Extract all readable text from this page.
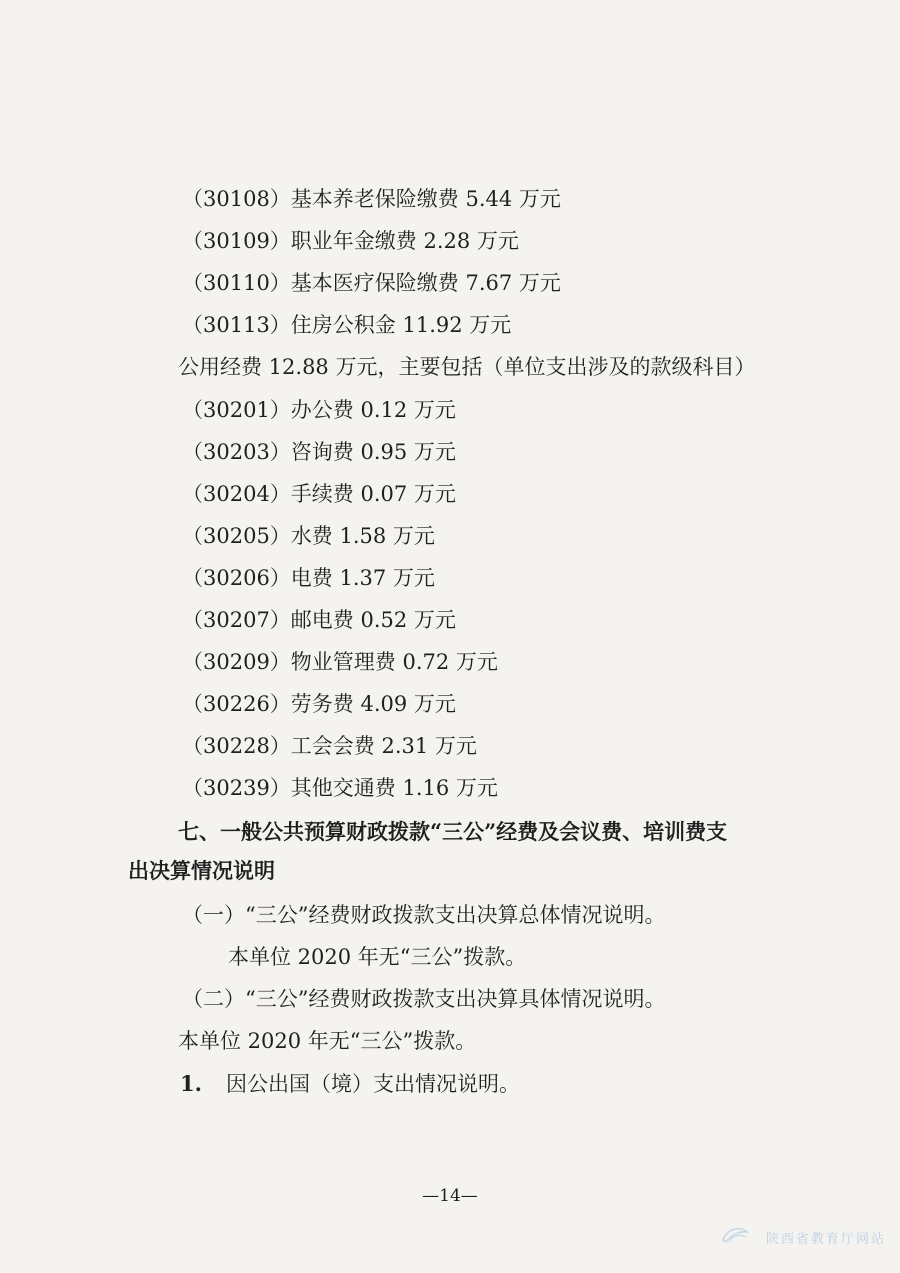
（30108）基本养老保险缴费 5.44 万元
（30109）职业年金缴费 2.28 万元
（30110）基本医疗保险缴费 7.67 万元
（30113）住房公积金 11.92 万元
公用经费 12.88 万元，主要包括（单位支出涉及的款级科目）
（30201）办公费 0.12 万元
（30203）咨询费 0.95 万元
（30204）手续费 0.07 万元
（30205）水费 1.58 万元
（30206）电费 1.37 万元
（30207）邮电费 0.52 万元
（30209）物业管理费 0.72 万元
（30226）劳务费 4.09 万元
（30228）工会会费 2.31 万元
（30239）其他交通费 1.16 万元
七、一般公共预算财政拨款“三公”经费及会议费、培训费支
出决算情况说明
（一）“三公”经费财政拨款支出决算总体情况说明。
本单位 2020 年无“三公”拨款。
（二）“三公”经费财政拨款支出决算具体情况说明。
本单位 2020 年无“三公”拨款。
1. 因公出国（境）支出情况说明。
—14—
陕西省教育厅网站
